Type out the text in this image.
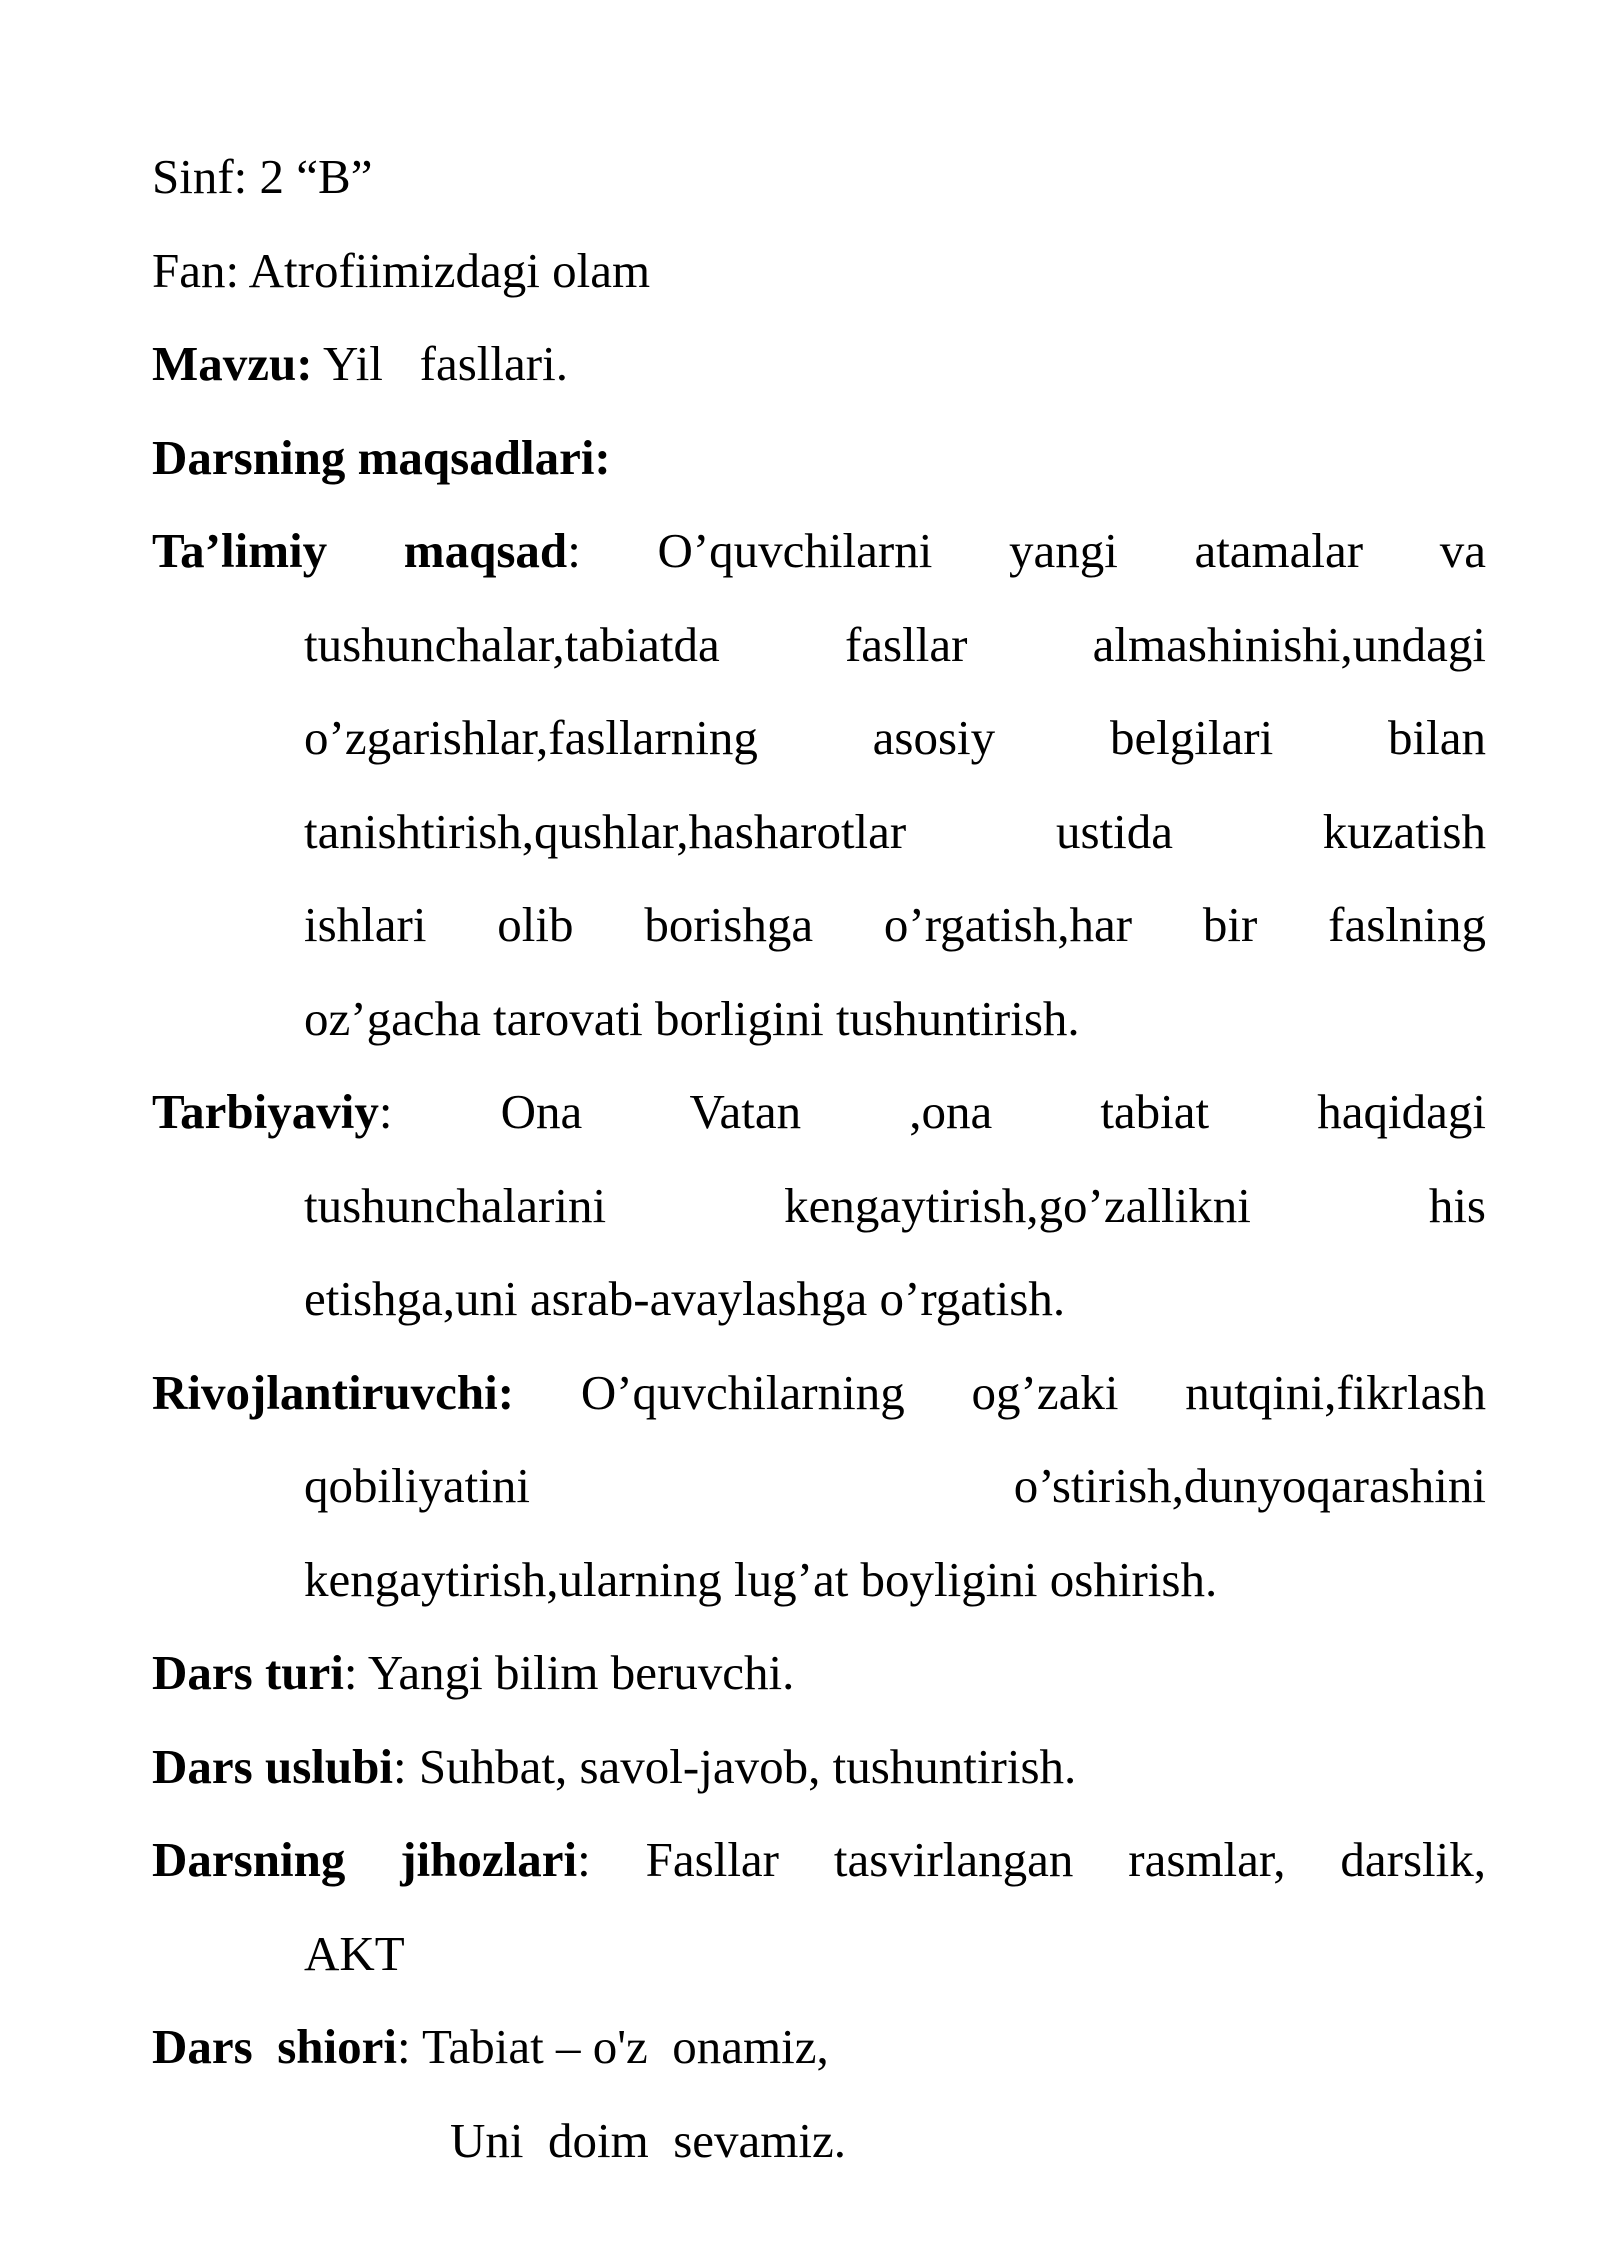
Sinf: 2 “B”
Fan: Atrofiimizdagi olam
Mavzu: Yil   fasllari.
Darsning maqsadlari:
Ta’limiy maqsad: O’quvchilarni yangi atamalar va
tushunchalar,tabiatda fasllar almashinishi,undagi
o’zgarishlar,fasllarning asosiy belgilari bilan
tanishtirish,qushlar,hasharotlar ustida kuzatish
ishlari olib borishga o’rgatish,har bir faslning
oz’gacha tarovati borligini tushuntirish.
Tarbiyaviy: Ona Vatan ,ona tabiat haqidagi
tushunchalarini kengaytirish,go’zallikni his
etishga,uni asrab-avaylashga o’rgatish.
Rivojlantiruvchi: O’quvchilarning og’zaki nutqini,fikrlash
qobiliyatini o’stirish,dunyoqarashini
kengaytirish,ularning lug’at boyligini oshirish.
Dars turi: Yangi bilim beruvchi.
Dars uslubi: Suhbat, savol-javob, tushuntirish.
Darsning jihozlari: Fasllar tasvirlangan rasmlar, darslik,
AKT
Dars  shiori: Tabiat – o'z  onamiz,
Uni  doim  sevamiz.
